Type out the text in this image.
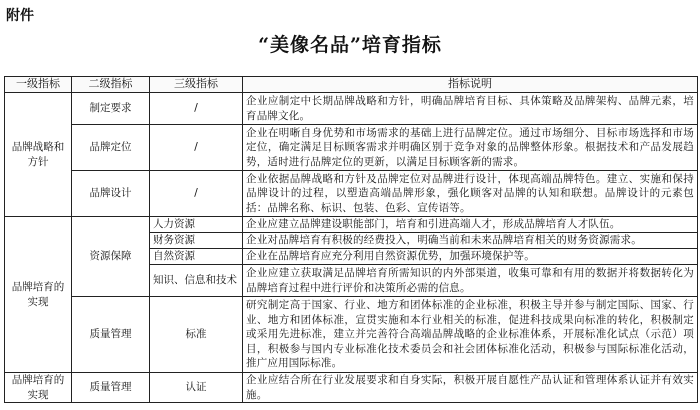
附件
“美像名品”培育指标
一级指标	二级指标	三级指标	指标说明
品牌战略和方针	制定要求	/	企业应制定中长期品牌战略和方针，明确品牌培育目标、具体策略及品牌架构、品牌元素，培育品牌文化。
	品牌定位	/	企业在明晰自身优势和市场需求的基础上进行品牌定位。通过市场细分、目标市场选择和市场定位，确定满足目标顾客需求并明确区别于竞争对象的品牌整体形象。根据技术和产品发展趋势，适时进行品牌定位的更新，以满足目标顾客新的需求。
	品牌设计	/	企业依据品牌战略和方针及品牌定位对品牌进行设计，体现高端品牌特色。建立、实施和保持品牌设计的过程，以塑造高端品牌形象，强化顾客对品牌的认知和联想。品牌设计的元素包括：品牌名称、标识、包装、色彩、宣传语等。
品牌培育的实现	资源保障	人力资源	企业应建立品牌建设职能部门，培育和引进高端人才，形成品牌培育人才队伍。
		财务资源	企业对品牌培育有积极的经费投入，明确当前和未来品牌培育相关的财务资源需求。
		自然资源	企业在品牌培育应充分利用自然资源优势，加强环境保护等。
		知识、信息和技术	企业应建立获取满足品牌培育所需知识的内外部渠道，收集可靠和有用的数据并将数据转化为品牌培育过程中进行评价和决策所必需的信息。
	质量管理	标准	研究制定高于国家、行业、地方和团体标准的企业标准，积极主导并参与制定国际、国家、行业、地方和团体标准，宣贯实施和本行业相关的标准，促进科技成果向标准的转化，积极制定或采用先进标准，建立并完善符合高端品牌战略的企业标准体系，开展标准化试点（示范）项目，积极参与国内专业标准化技术委员会和社会团体标准化活动，积极参与国际标准化活动，推广应用国际标准。
品牌培育的实现	质量管理	认证	企业应结合所在行业发展要求和自身实际，积极开展自愿性产品认证和管理体系认证并有效实施。
